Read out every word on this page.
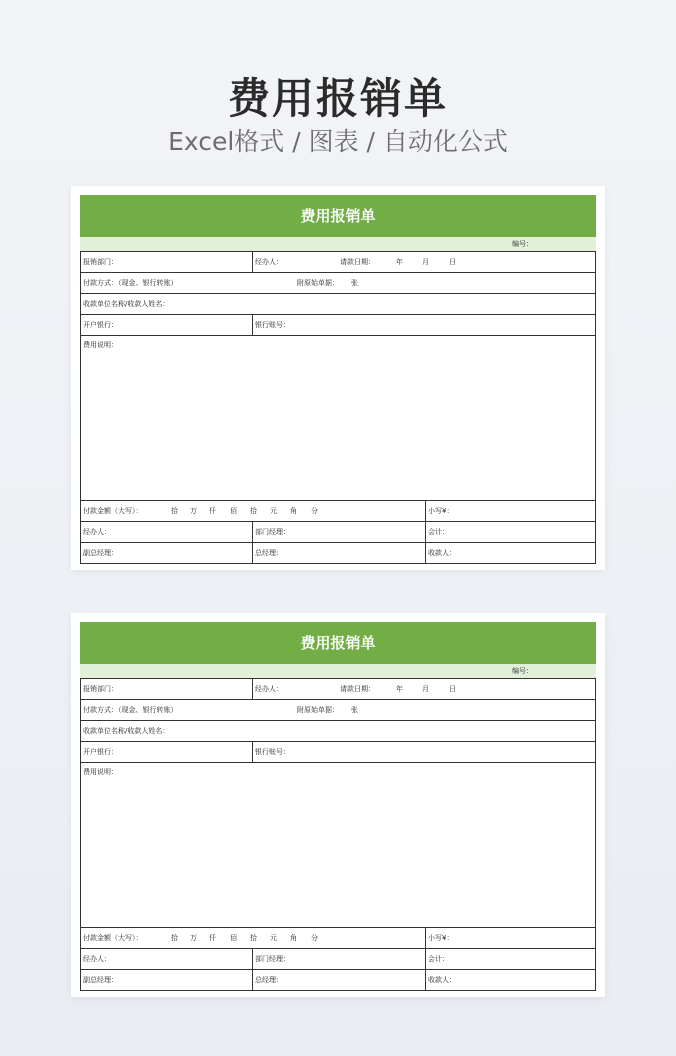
费用报销单
Excel格式 / 图表 / 自动化公式
费用报销单
编号：
报销部门：	经办人：	请款日期：	年	月	日
付款方式：（现金、银行转账）	附原始单据： 张
收款单位名称/收款人姓名：
开户银行：	银行账号：
费用说明：
付款金额（大写）：	拾 万 仟 佰 拾 元 角 分	小写¥：
经办人：	部门经理：	会计：
副总经理：	总经理:	收款人：
费用报销单
编号：
报销部门：	经办人：	请款日期：	年	月	日
付款方式：（现金、银行转账）	附原始单据： 张
收款单位名称/收款人姓名：
开户银行：	银行账号：
费用说明：
付款金额（大写）：	拾 万 仟 佰 拾 元 角 分	小写¥：
经办人：	部门经理：	会计：
副总经理：	总经理:	收款人：
